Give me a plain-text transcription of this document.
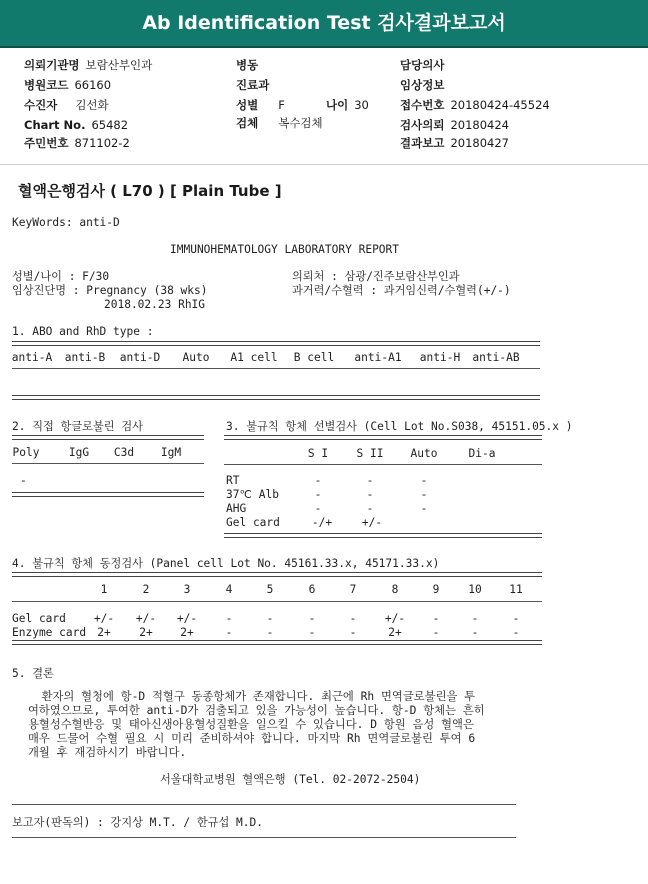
Ab Identification Test 검사결과보고서
의뢰기관명 보람산부인과
병원코드 66160
수진자 김선화
Chart No. 65482
주민번호 871102-2
병동
진료과
성별 F	나이 30
검체 복수검체
담당의사
임상정보
접수번호 20180424-45524
검사의뢰 20180424
결과보고 20180427
혈액은행검사 ( L70 ) [ Plain Tube ]
KeyWords: anti-D
IMMUNOHEMATOLOGY LABORATORY REPORT
성별/나이 : F/30
임상진단명 : Pregnancy (38 wks)
2018.02.23 RhIG
의뢰처 : 삼광/진주보람산부인과
과거력/수혈력 : 과거임신력/수혈력(+/-)
1. ABO and RhD type :
anti-A anti-B anti-D Auto A1 cell B cell anti-A1 anti-H anti-AB
2. 직접 항글로불린 검사
Poly	IgG C3d IgM
-
3. 불규칙 항체 선별검사 (Cell Lot No.S038, 45151.05.x )
S I	S II Auto	Di-a
RT	-	-	-
37℃ Alb	-	-	-
AHG	-	-	-
Gel card	-/+	+/-
4. 불규칙 항체 동정검사 (Panel cell Lot No. 45161.33.x, 45171.33.x)
1	2	3	4	5	6	7	8	9	10 11
Gel card	+/- +/- +/-	-	-	-	-	+/- -	-	-
Enzyme card 2+	2+ 2+	-	-	-	-	2+	-	-	-
5. 결론
환자의 혈청에 항-D 적혈구 동종항체가 존재합니다. 최근에 Rh 면역글로불린을 투
여하였으므로, 투여한 anti-D가 검출되고 있을 가능성이 높습니다. 항-D 항체는 흔히
용혈성수혈반응 및 태아신생아용혈성질환을 일으킬 수 있습니다. D 항원 음성 혈액은
매우 드물어 수혈 필요 시 미리 준비하셔야 합니다. 마지막 Rh 면역글로불린 투여 6
개월 후 재검하시기 바랍니다.
서울대학교병원 혈액은행 (Tel. 02-2072-2504)
보고자(판독의) : 강지상 M.T. / 한규섭 M.D.
